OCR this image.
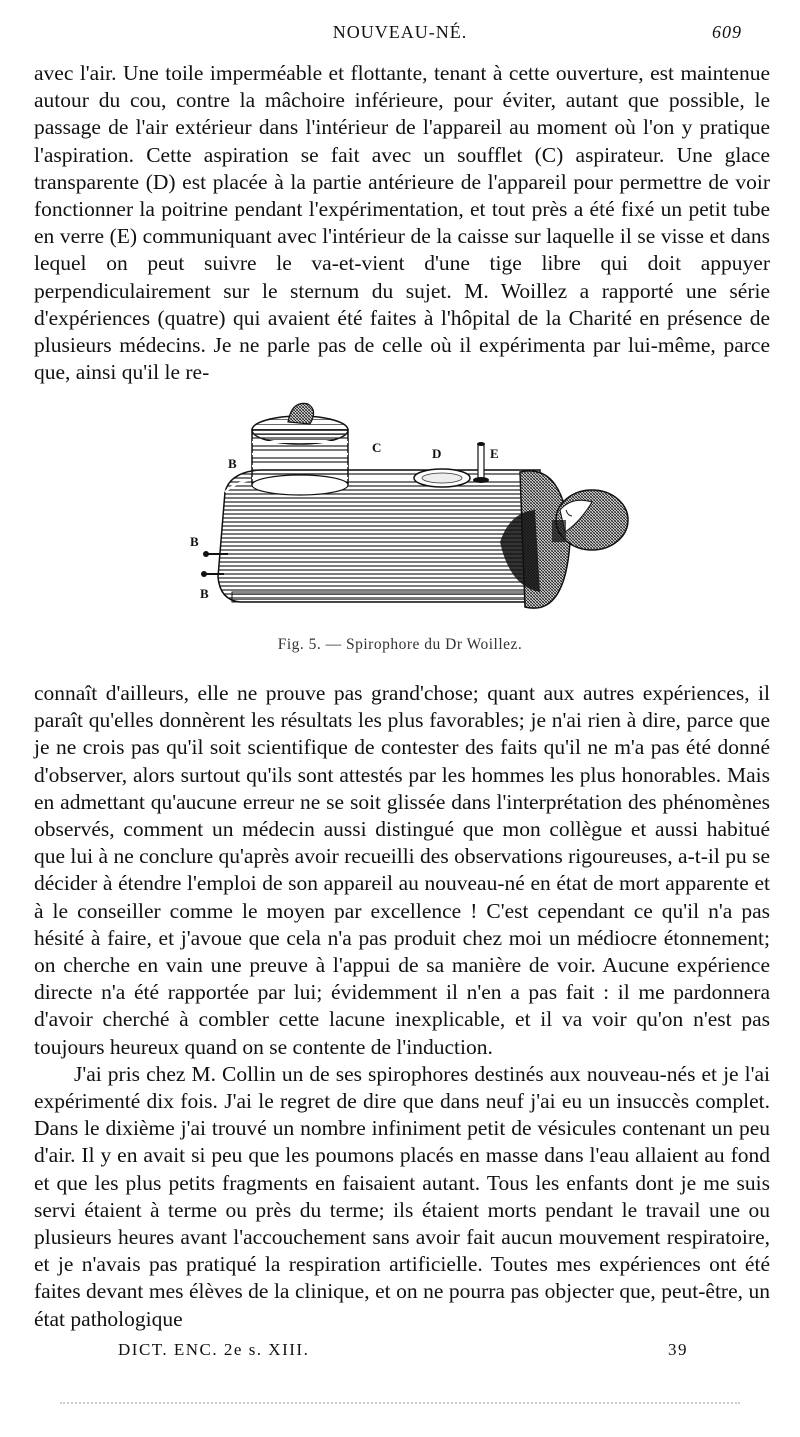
NOUVEAU-NÉ.	609

avec l'air. Une toile imperméable et flottante, tenant à cette ouverture, est maintenue autour du cou, contre la mâchoire inférieure, pour éviter, autant que possible, le passage de l'air extérieur dans l'intérieur de l'appareil au moment où l'on y pratique l'aspiration. Cette aspiration se fait avec un soufflet (C) aspirateur. Une glace transparente (D) est placée à la partie antérieure de l'appareil pour permettre de voir fonctionner la poitrine pendant l'expérimentation, et tout près a été fixé un petit tube en verre (E) communiquant avec l'intérieur de la caisse sur laquelle il se visse et dans lequel on peut suivre le va-et-vient d'une tige libre qui doit appuyer perpendiculairement sur le sternum du sujet. M. Woillez a rapporté une série d'expériences (quatre) qui avaient été faites à l'hôpital de la Charité en présence de plusieurs médecins. Je ne parle pas de celle où il expérimenta par lui-même, parce que, ainsi qu'il le re-

B
B
B
C	D	E
Fig. 5. — Spirophore du Dr Woillez.

connaît d'ailleurs, elle ne prouve pas grand'chose; quant aux autres expériences, il paraît qu'elles donnèrent les résultats les plus favorables; je n'ai rien à dire, parce que je ne crois pas qu'il soit scientifique de contester des faits qu'il ne m'a pas été donné d'observer, alors surtout qu'ils sont attestés par les hommes les plus honorables. Mais en admettant qu'aucune erreur ne se soit glissée dans l'interprétation des phénomènes observés, comment un médecin aussi distingué que mon collègue et aussi habitué que lui à ne conclure qu'après avoir recueilli des observations rigoureuses, a-t-il pu se décider à étendre l'emploi de son appareil au nouveau-né en état de mort apparente et à le conseiller comme le moyen par excellence ! C'est cependant ce qu'il n'a pas hésité à faire, et j'avoue que cela n'a pas produit chez moi un médiocre étonnement; on cherche en vain une preuve à l'appui de sa manière de voir. Aucune expérience directe n'a été rapportée par lui; évidemment il n'en a pas fait : il me pardonnera d'avoir cherché à combler cette lacune inexplicable, et il va voir qu'on n'est pas toujours heureux quand on se contente de l'induction.

J'ai pris chez M. Collin un de ses spirophores destinés aux nouveau-nés et je l'ai expérimenté dix fois. J'ai le regret de dire que dans neuf j'ai eu un insuccès complet. Dans le dixième j'ai trouvé un nombre infiniment petit de vésicules contenant un peu d'air. Il y en avait si peu que les poumons placés en masse dans l'eau allaient au fond et que les plus petits fragments en faisaient autant. Tous les enfants dont je me suis servi étaient à terme ou près du terme; ils étaient morts pendant le travail une ou plusieurs heures avant l'accouchement sans avoir fait aucun mouvement respiratoire, et je n'avais pas pratiqué la respiration artificielle. Toutes mes expériences ont été faites devant mes élèves de la clinique, et on ne pourra pas objecter que, peut-être, un état pathologique

DICT. ENC. 2e s. XIII.	39
